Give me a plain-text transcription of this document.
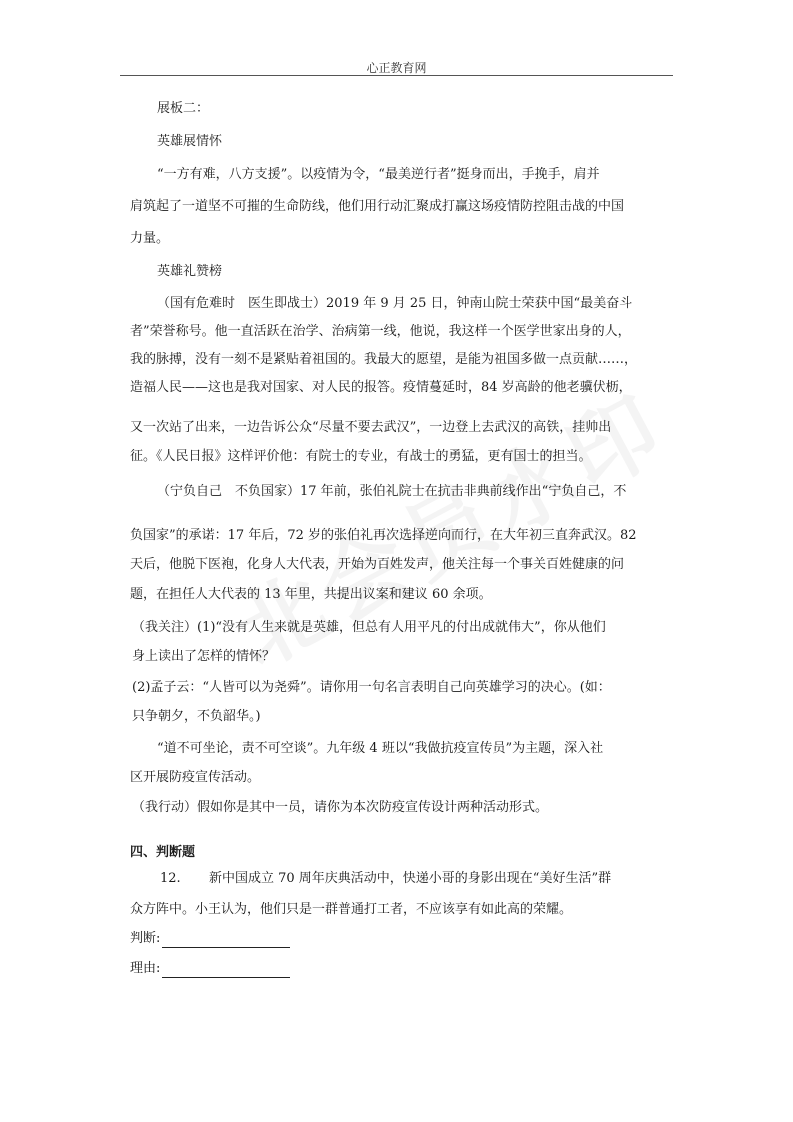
心正教育网
展板二：
英雄展情怀
“一方有难，八方支援”。以疫情为令，“最美逆行者”挺身而出，手挽手，肩并
肩筑起了一道坚不可摧的生命防线，他们用行动汇聚成打赢这场疫情防控阻击战的中国
力量。
英雄礼赞榜
（国有危难时　医生即战士）2019 年 9 月 25 日，钟南山院士荣获中国“最美奋斗
者”荣誉称号。他一直活跃在治学、治病第一线，他说，我这样一个医学世家出身的人，
我的脉搏，没有一刻不是紧贴着祖国的。我最大的愿望，是能为祖国多做一点贡献……，
造福人民——这也是我对国家、对人民的报答。疫情蔓延时，84 岁高龄的他老骥伏枥，
又一次站了出来，一边告诉公众“尽量不要去武汉”，一边登上去武汉的高铁，挂帅出
征。《人民日报》这样评价他：有院士的专业，有战士的勇猛，更有国士的担当。
（宁负自己　不负国家）17 年前，张伯礼院士在抗击非典前线作出“宁负自己，不
负国家”的承诺：17 年后，72 岁的张伯礼再次选择逆向而行，在大年初三直奔武汉。82
天后，他脱下医袍，化身人大代表，开始为百姓发声，他关注每一个事关百姓健康的问
题，在担任人大代表的 13 年里，共提出议案和建议 60 余项。
（我关注）(1)“没有人生来就是英雄，但总有人用平凡的付出成就伟大”，你从他们
身上读出了怎样的情怀？
(2)孟子云：“人皆可以为尧舜”。请你用一句名言表明自己向英雄学习的决心。(如：
只争朝夕，不负韶华。)
“道不可坐论，责不可空谈”。九年级 4 班以“我做抗疫宣传员”为主题，深入社
区开展防疫宣传活动。
（我行动）假如你是其中一员，请你为本次防疫宣传设计两种活动形式。
四、判断题
12.	新中国成立 70 周年庆典活动中，快递小哥的身影出现在“美好生活”群
众方阵中。小王认为，他们只是一群普通打工者，不应该享有如此高的荣耀。
判断:
理由:
